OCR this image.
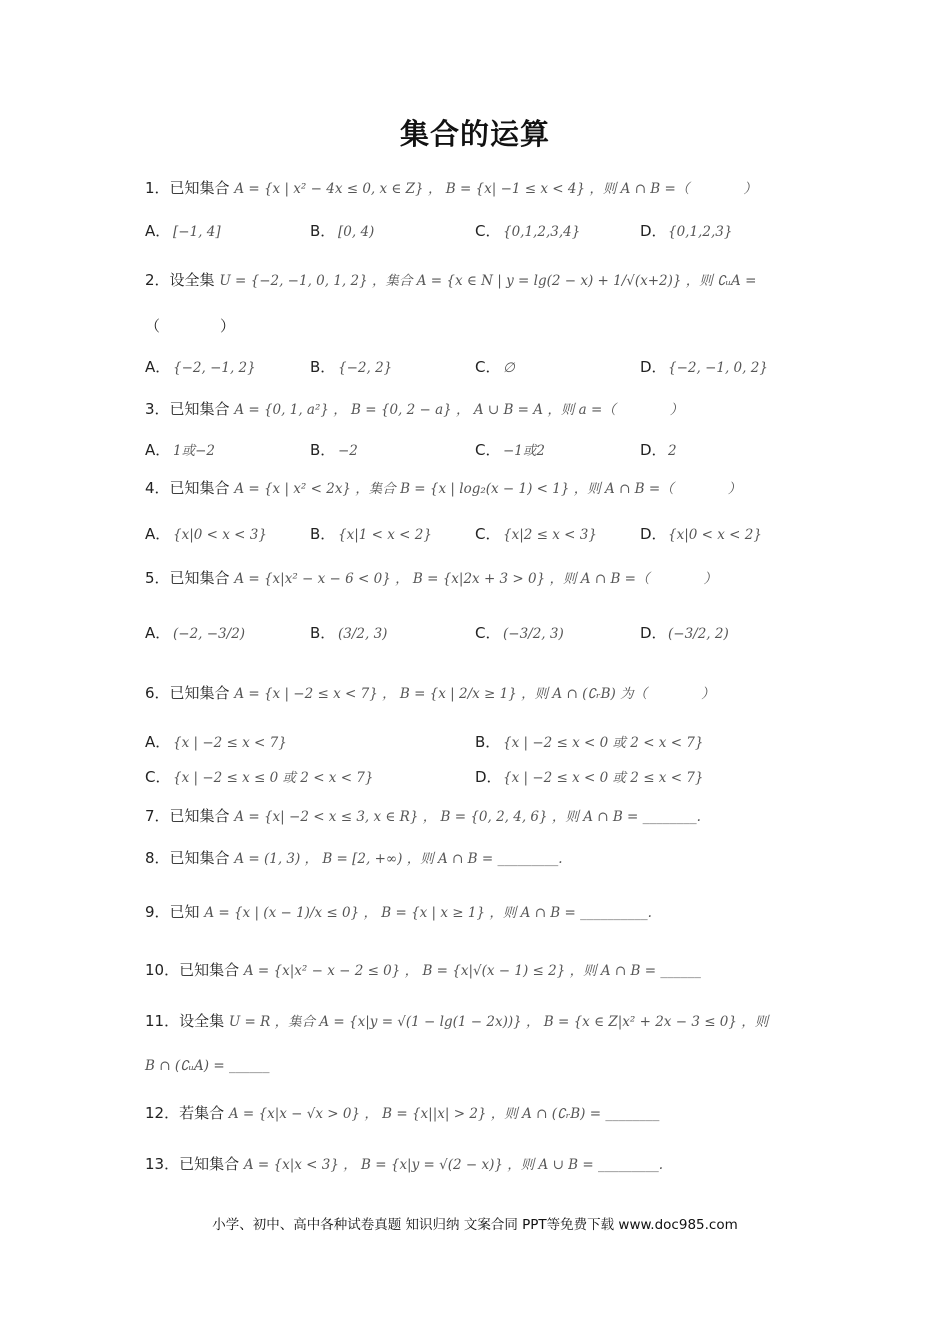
集合的运算
1．已知集合 A = {x | x² − 4x ≤ 0, x ∈ Z} ， B = {x| −1 ≤ x < 4} ，则 A ∩ B =（　　　　）
A． [−1, 4]	B． [0, 4)	C． {0,1,2,3,4}	D．{0,1,2,3}
2．设全集 U = {−2, −1, 0, 1, 2} ，集合 A = {x ∈ N | y = lg(2 − x) + 1/√(x+2)} ，则 ∁ᵤA =
（　　　　）
A． {−2, −1, 2}	B． {−2, 2}	C． ∅	D．{−2, −1, 0, 2}
3．已知集合 A = {0, 1, a²} ， B = {0, 2 − a} ， A ∪ B = A ，则 a =（　　　　）
A． 1或−2	B． −2	C． −1或2	D．2
4．已知集合 A = {x | x² < 2x} ，集合 B = {x | log₂(x − 1) < 1} ，则 A ∩ B =（　　　　）
A． {x|0 < x < 3}	B． {x|1 < x < 2}	C． {x|2 ≤ x < 3}	D．{x|0 < x < 2}
5．已知集合 A = {x|x² − x − 6 < 0} ， B = {x|2x + 3 > 0} ，则 A ∩ B =（　　　　）
A． (−2, −3/2)	B． (3/2, 3)	C． (−3/2, 3)	D．(−3/2, 2)
6．已知集合 A = {x | −2 ≤ x < 7} ， B = {x | 2/x ≥ 1} ，则 A ∩ (∁ᵣB) 为（　　　　）
A． {x | −2 ≤ x < 7}	B． {x | −2 ≤ x < 0 或 2 < x < 7}
C． {x | −2 ≤ x ≤ 0 或 2 < x < 7}	D．{x | −2 ≤ x < 0 或 2 ≤ x < 7}
7．已知集合 A = {x| −2 < x ≤ 3, x ∈ R} ， B = {0, 2, 4, 6} ，则 A ∩ B = ________.
8．已知集合 A = (1, 3) ， B = [2, +∞) ，则 A ∩ B = _________.
9．已知 A = {x | (x − 1)/x ≤ 0} ， B = {x | x ≥ 1} ，则 A ∩ B = __________.
10．已知集合 A = {x|x² − x − 2 ≤ 0} ， B = {x|√(x − 1) ≤ 2} ，则 A ∩ B = ______
11．设全集 U = R ，集合 A = {x|y = √(1 − lg(1 − 2x))} ， B = {x ∈ Z|x² + 2x − 3 ≤ 0} ，则
B ∩ (∁ᵤA) = ______
12．若集合 A = {x|x − √x > 0} ， B = {x||x| > 2} ，则 A ∩ (∁ᵣB) = ________
13．已知集合 A = {x|x < 3} ， B = {x|y = √(2 − x)} ，则 A ∪ B = _________.
小学、初中、高中各种试卷真题 知识归纳 文案合同 PPT等免费下载 www.doc985.com
